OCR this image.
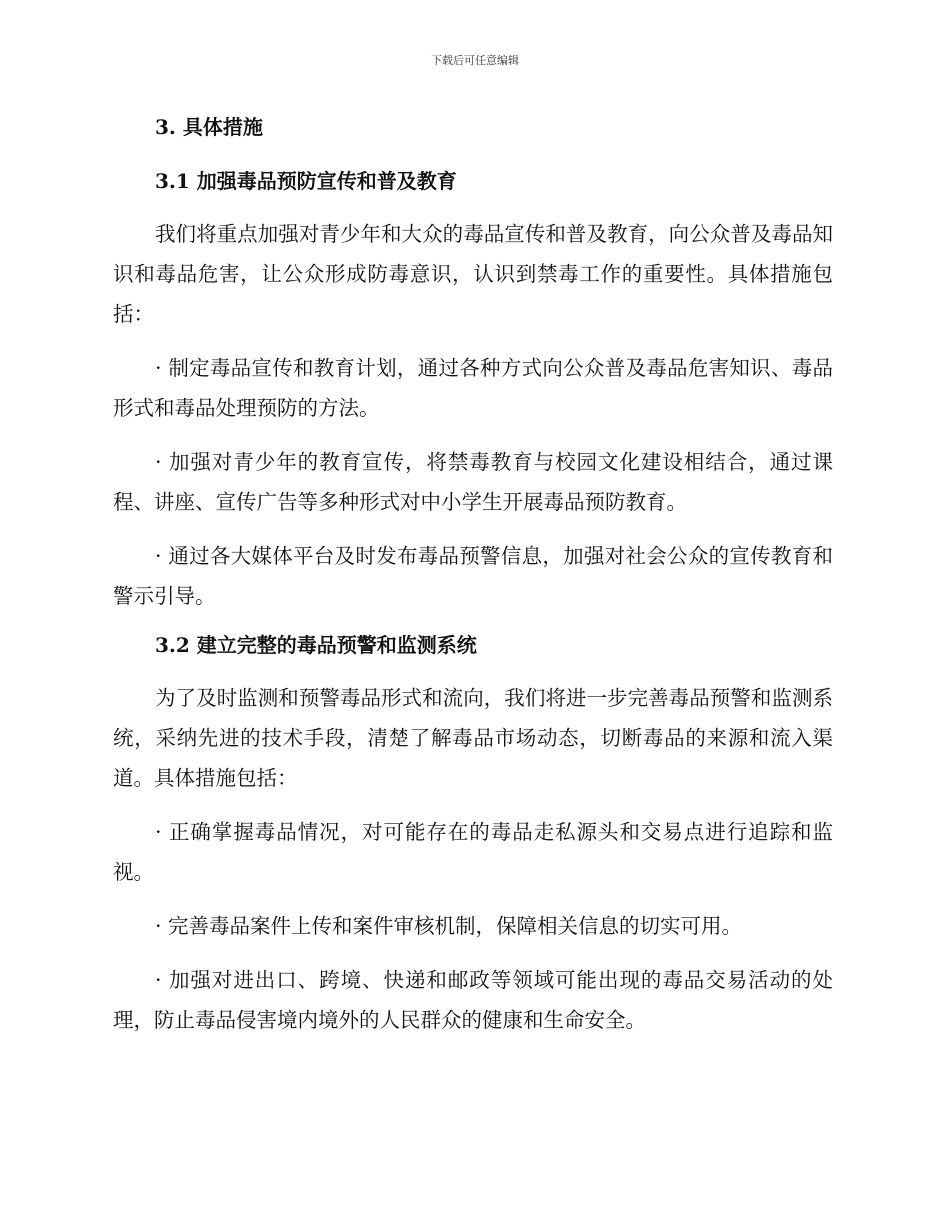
下载后可任意编辑
3. 具体措施
3.1 加强毒品预防宣传和普及教育

我们将重点加强对青少年和大众的毒品宣传和普及教育，向公众普及毒品知识和毒品危害，让公众形成防毒意识，认识到禁毒工作的重要性。具体措施包括：

· 制定毒品宣传和教育计划，通过各种方式向公众普及毒品危害知识、毒品形式和毒品处理预防的方法。

· 加强对青少年的教育宣传，将禁毒教育与校园文化建设相结合，通过课程、讲座、宣传广告等多种形式对中小学生开展毒品预防教育。

· 通过各大媒体平台及时发布毒品预警信息，加强对社会公众的宣传教育和警示引导。

3.2 建立完整的毒品预警和监测系统

为了及时监测和预警毒品形式和流向，我们将进一步完善毒品预警和监测系统，采纳先进的技术手段，清楚了解毒品市场动态，切断毒品的来源和流入渠道。具体措施包括：

· 正确掌握毒品情况，对可能存在的毒品走私源头和交易点进行追踪和监视。

· 完善毒品案件上传和案件审核机制，保障相关信息的切实可用。

· 加强对进出口、跨境、快递和邮政等领域可能出现的毒品交易活动的处理，防止毒品侵害境内境外的人民群众的健康和生命安全。
